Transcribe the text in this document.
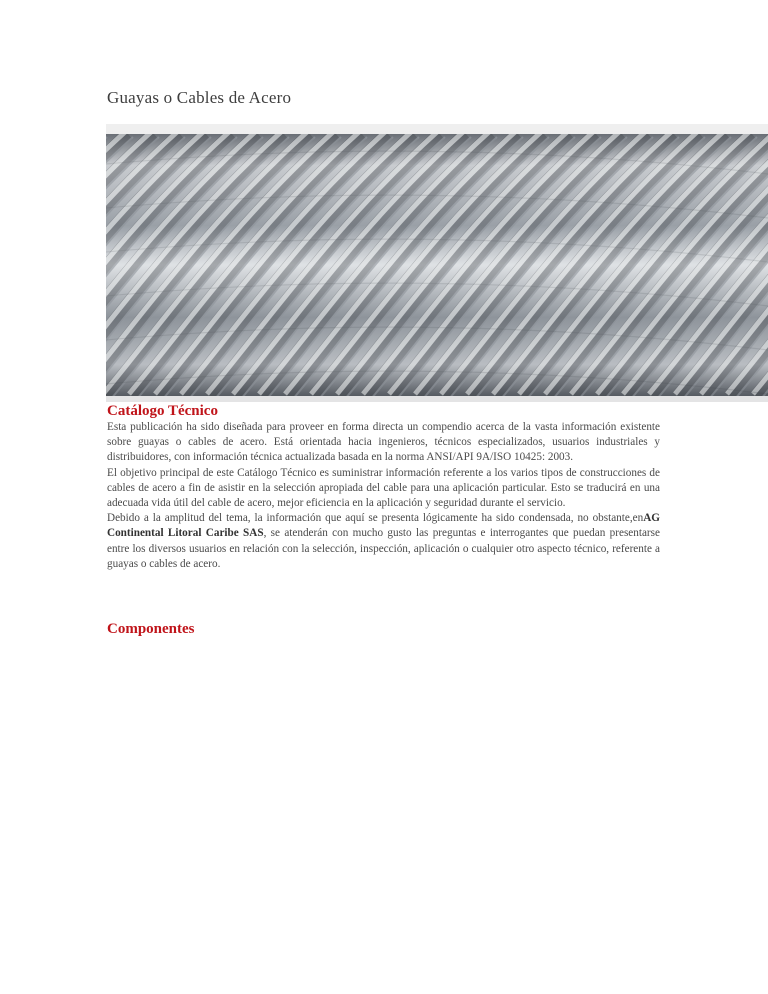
Guayas o Cables de Acero
Catálogo Técnico

Esta publicación ha sido diseñada para proveer en forma directa un compendio acerca de la vasta información existente sobre guayas o cables de acero. Está orientada hacia ingenieros, técnicos especializados, usuarios industriales y distribuidores, con información técnica actualizada basada en la norma ANSI/API 9A/ISO 10425: 2003.

El objetivo principal de este Catálogo Técnico es suministrar información referente a los varios tipos de construcciones de cables de acero a fin de asistir en la selección apropiada del cable para una aplicación particular. Esto se traducirá en una adecuada vida útil del cable de acero, mejor eficiencia en la aplicación y seguridad durante el servicio.

Debido a la amplitud del tema, la información que aquí se presenta lógicamente ha sido condensada, no obstante,enAG Continental Litoral Caribe SAS, se atenderán con mucho gusto las preguntas e interrogantes que puedan presentarse entre los diversos usuarios en relación con la selección, inspección, aplicación o cualquier otro aspecto técnico, referente a guayas o cables de acero.

Componentes
